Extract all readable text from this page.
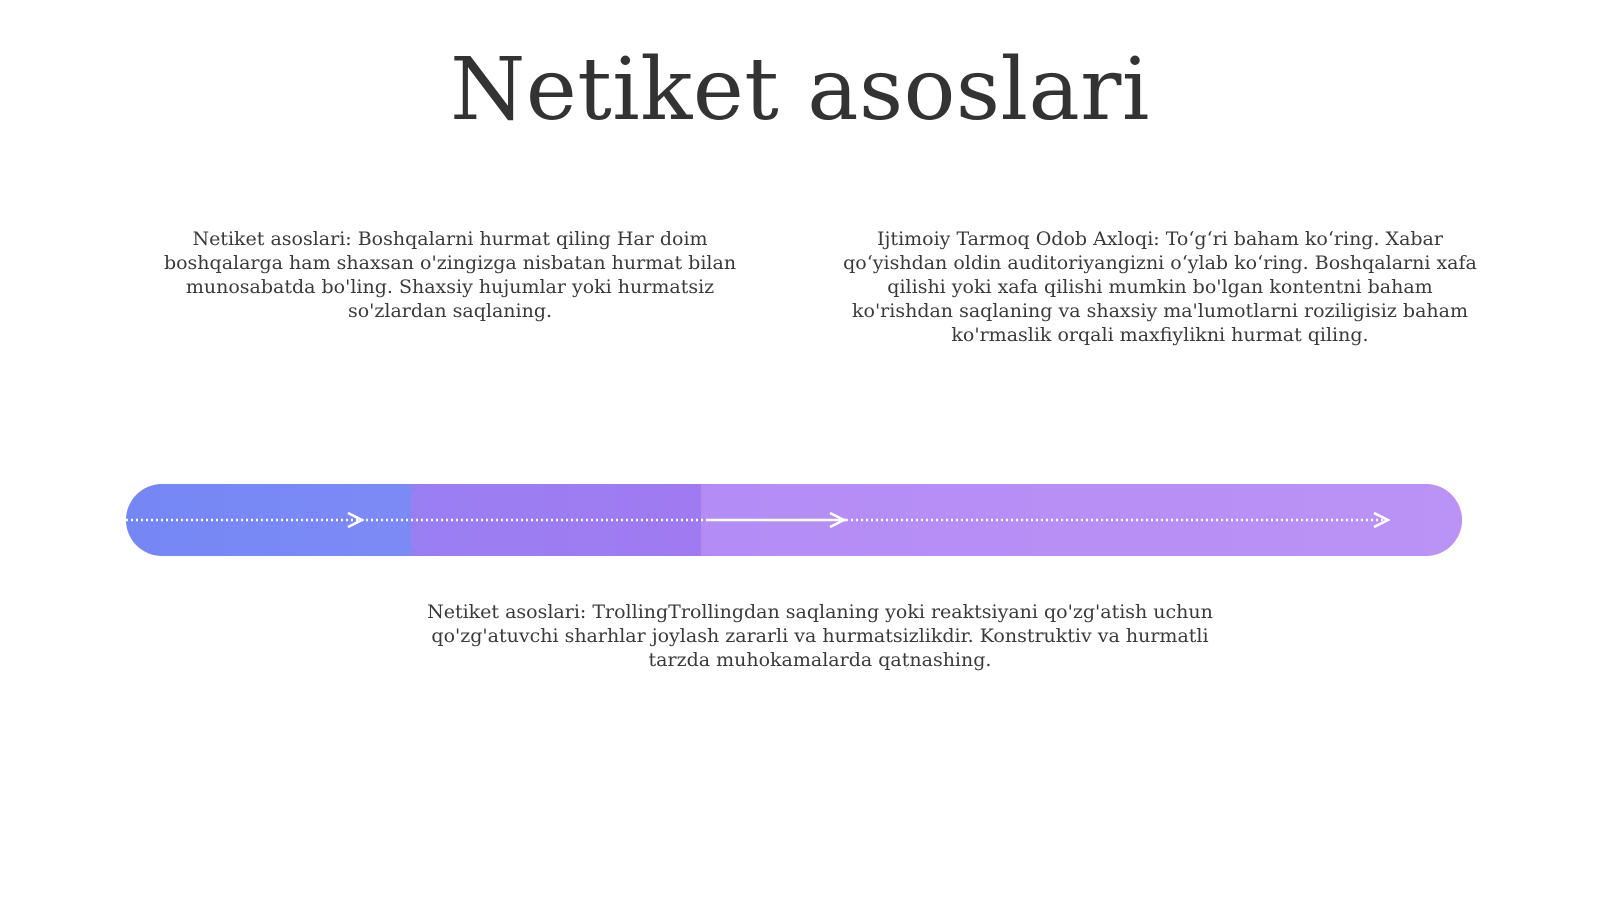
Netiket asoslari

Netiket asoslari: Boshqalarni hurmat qiling Har doim boshqalarga ham shaxsan o'zingizga nisbatan hurmat bilan munosabatda bo'ling. Shaxsiy hujumlar yoki hurmatsiz so'zlardan saqlaning.

Ijtimoiy Tarmoq Odob Axloqi: To‘g‘ri baham ko‘ring. Xabar qo‘yishdan oldin auditoriyangizni o‘ylab ko‘ring. Boshqalarni xafa qilishi yoki xafa qilishi mumkin bo'lgan kontentni baham ko'rishdan saqlaning va shaxsiy ma'lumotlarni roziligisiz baham ko'rmaslik orqali maxfiylikni hurmat qiling.

Netiket asoslari: TrollingTrollingdan saqlaning yoki reaktsiyani qo'zg'atish uchun qo'zg'atuvchi sharhlar joylash zararli va hurmatsizlikdir. Konstruktiv va hurmatli tarzda muhokamalarda qatnashing.
